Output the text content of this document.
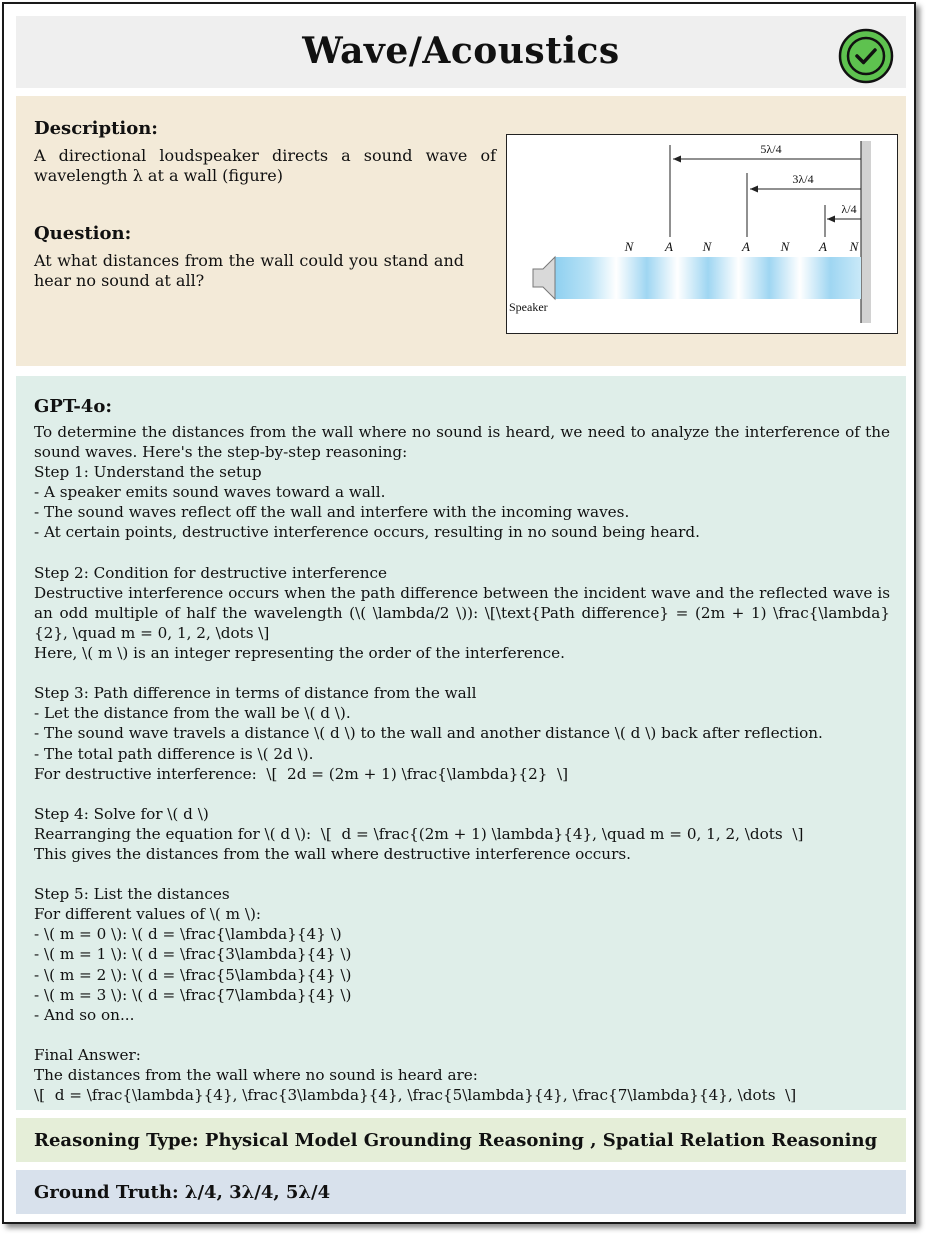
Wave/Acoustics
Description:
A directional loudspeaker directs a sound wave of wavelength λ at a wall (figure)
Question:
At what distances from the wall could you stand and hear no sound at all?
Speaker
N A N A N A N
5λ/4
3λ/4
λ/4
GPT-4o:
To determine the distances from the wall where no sound is heard, we need to analyze the interference of the sound waves. Here's the step-by-step reasoning:
Step 1: Understand the setup
- A speaker emits sound waves toward a wall.
- The sound waves reflect off the wall and interfere with the incoming waves.
- At certain points, destructive interference occurs, resulting in no sound being heard.
Step 2: Condition for destructive interference
Destructive interference occurs when the path difference between the incident wave and the reflected wave is an odd multiple of half the wavelength (\( \lambda/2 \)): \[\text{Path difference} = (2m + 1) \frac{\lambda}{2}, \quad m = 0, 1, 2, \dots \]
Here, \( m \) is an integer representing the order of the interference.
Step 3: Path difference in terms of distance from the wall
- Let the distance from the wall be \( d \).
- The sound wave travels a distance \( d \) to the wall and another distance \( d \) back after reflection.
- The total path difference is \( 2d \).
For destructive interference:  \[  2d = (2m + 1) \frac{\lambda}{2}  \]
Step 4: Solve for \( d \)
Rearranging the equation for \( d \):  \[  d = \frac{(2m + 1) \lambda}{4}, \quad m = 0, 1, 2, \dots  \]
This gives the distances from the wall where destructive interference occurs.
Step 5: List the distances
For different values of \( m \):
- \( m = 0 \): \( d = \frac{\lambda}{4} \)
- \( m = 1 \): \( d = \frac{3\lambda}{4} \)
- \( m = 2 \): \( d = \frac{5\lambda}{4} \)
- \( m = 3 \): \( d = \frac{7\lambda}{4} \)
- And so on...
Final Answer:
The distances from the wall where no sound is heard are:
\[  d = \frac{\lambda}{4}, \frac{3\lambda}{4}, \frac{5\lambda}{4}, \frac{7\lambda}{4}, \dots  \]
Reasoning Type: Physical Model Grounding Reasoning , Spatial Relation Reasoning
Ground Truth: λ/4, 3λ/4, 5λ/4
